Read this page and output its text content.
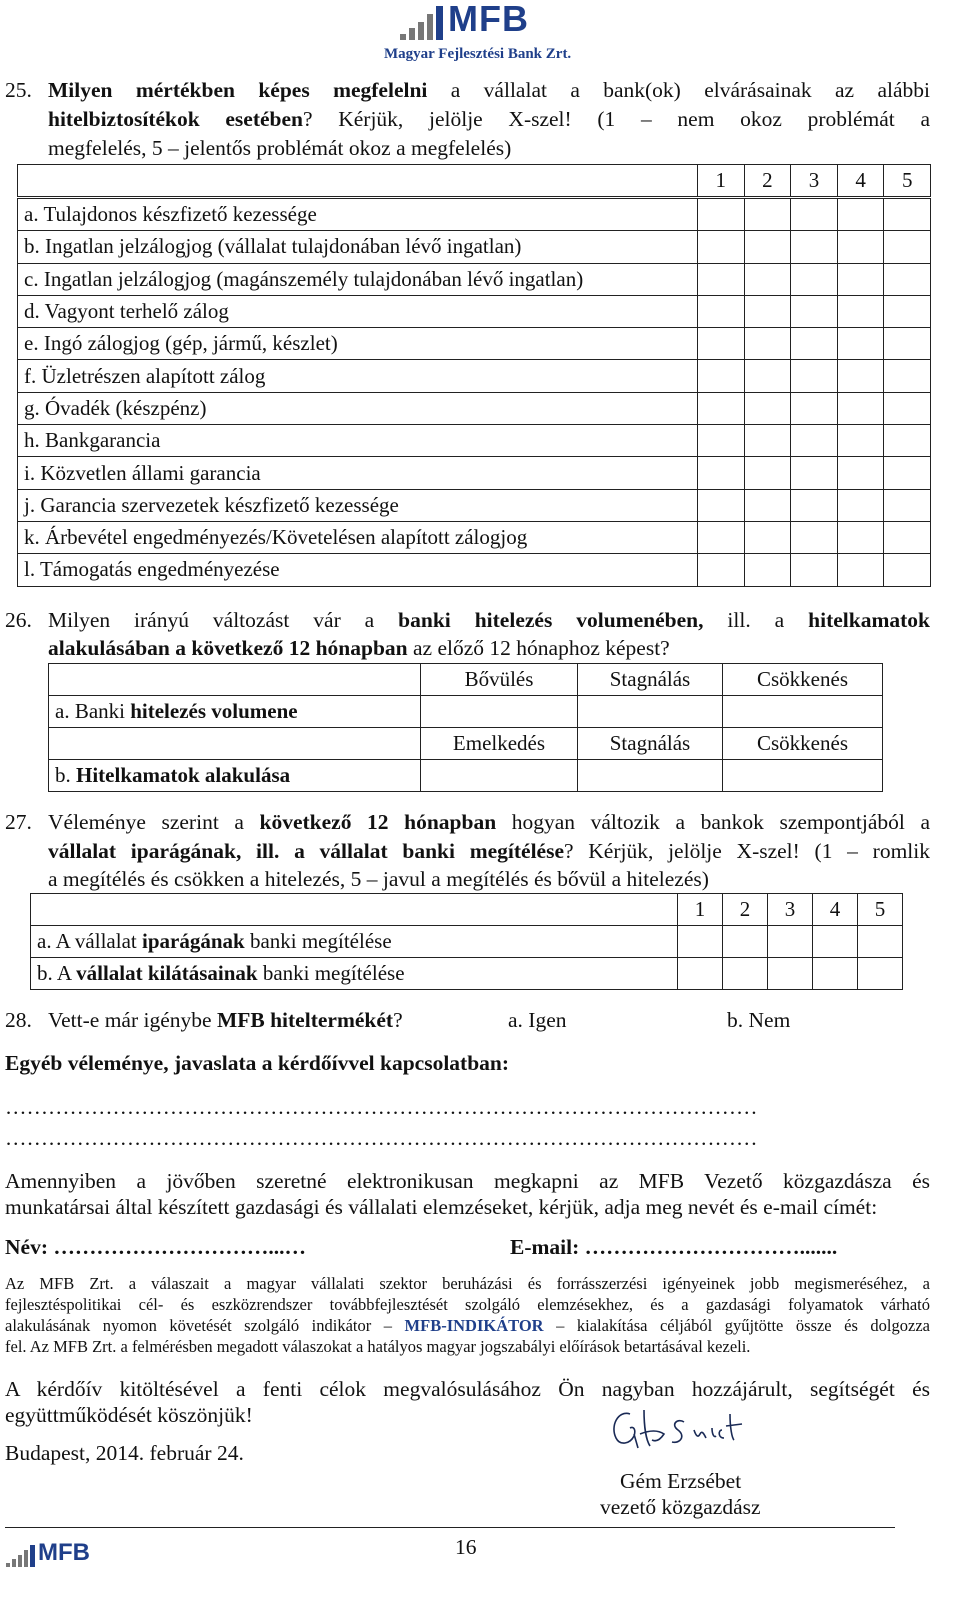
MFB
Magyar Fejlesztési Bank Zrt.
25. Milyen mértékben képes megfelelni a vállalat a bank(ok) elvárásainak az alábbi
hitelbiztosítékok esetében? Kérjük, jelölje X-szel! (1 – nem okoz problémát a
megfelelés, 5 – jelentős problémát okoz a megfelelés)
	1	2	3	4	5
a. Tulajdonos készfizető kezessége					
b. Ingatlan jelzálogjog (vállalat tulajdonában lévő ingatlan)					
c. Ingatlan jelzálogjog (magánszemély tulajdonában lévő ingatlan)					
d. Vagyont terhelő zálog					
e. Ingó zálogjog (gép, jármű, készlet)					
f. Üzletrészen alapított zálog					
g. Óvadék (készpénz)					
h. Bankgarancia					
i. Közvetlen állami garancia					
j. Garancia szervezetek készfizető kezessége					
k. Árbevétel engedményezés/Követelésen alapított zálogjog					
l. Támogatás engedményezése					
26. Milyen irányú változást vár a banki hitelezés volumenében, ill. a hitelkamatok
alakulásában a következő 12 hónapban az előző 12 hónaphoz képest?
	Bővülés	Stagnálás	Csökkenés
a. Banki hitelezés volumene			
	Emelkedés	Stagnálás	Csökkenés
b. Hitelkamatok alakulása			
27. Véleménye szerint a következő 12 hónapban hogyan változik a bankok szempontjából a
vállalat iparágának, ill. a vállalat banki megítélése? Kérjük, jelölje X-szel! (1 – romlik
a megítélés és csökken a hitelezés, 5 – javul a megítélés és bővül a hitelezés)
	1	2	3	4	5
a. A vállalat iparágának banki megítélése					
b. A vállalat kilátásainak banki megítélése					
28. Vett-e már igénybe MFB hiteltermékét?	a. Igen	b. Nem
Egyéb véleménye, javaslata a kérdőívvel kapcsolatban:
……………………………………………………………………………………………
……………………………………………………………………………………………
Amennyiben a jövőben szeretné elektronikusan megkapni az MFB Vezető közgazdásza és
munkatársai által készített gazdasági és vállalati elemzéseket, kérjük, adja meg nevét és e-mail címét:
Név: …………………………...…	E-mail: ………………………….......
Az MFB Zrt. a válaszait a magyar vállalati szektor beruházási és forrásszerzési igényeinek jobb megismeréséhez, a
fejlesztéspolitikai cél- és eszközrendszer továbbfejlesztését szolgáló elemzésekhez, és a gazdasági folyamatok várható
alakulásának nyomon követését szolgáló indikátor – MFB-INDIKÁTOR – kialakítása céljából gyűjtötte össze és dolgozza
fel. Az MFB Zrt. a felmérésben megadott válaszokat a hatályos magyar jogszabályi előírások betartásával kezeli.
A kérdőív kitöltésével a fenti célok megvalósulásához Ön nagyban hozzájárult, segítségét és
együttműködését köszönjük!
Budapest, 2014. február 24.
Gém Erzsébet
vezető közgazdász
MFB	16
